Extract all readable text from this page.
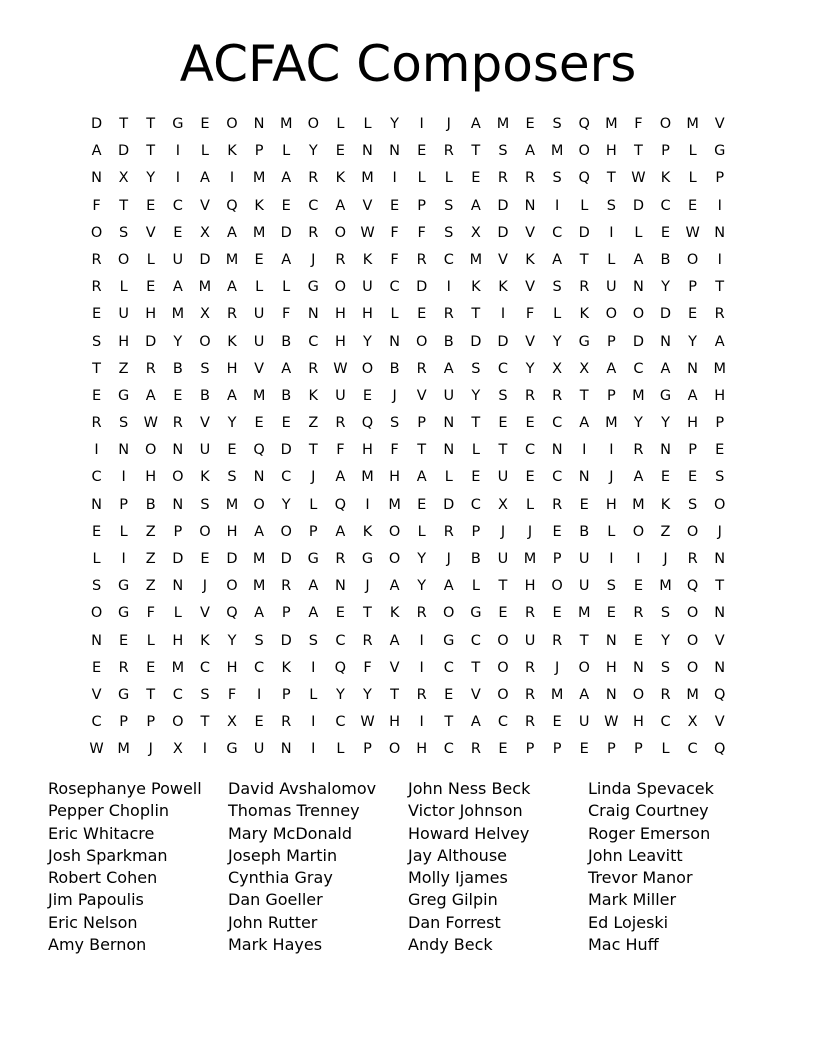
ACFAC Composers
D	T	T	G	E	O	N	M	O	L	L	Y	I	J	A	M	E	S	Q	M	F	O	M	V
A	D	T	I	L	K	P	L	Y	E	N	N	E	R	T	S	A	M	O	H	T	P	L	G
N	X	Y	I	A	I	M	A	R	K	M	I	L	L	E	R	R	S	Q	T	W	K	L	P
F	T	E	C	V	Q	K	E	C	A	V	E	P	S	A	D	N	I	L	S	D	C	E	I
O	S	V	E	X	A	M	D	R	O W	F	F	S	X	D	V	C	D	I	L	E	W N
R	O	L	U	D	M	E	A	J	R	K	F	R	C	M	V	K	A	T	L	A	B	O	I
R	L	E	A	M	A	L	L	G	O	U	C	D	I	K	K	V	S	R	U	N	Y	P	T
E	U	H	M	X	R	U	F	N	H	H	L	E	R	T	I	F	L	K	O	O	D	E	R
S	H	D	Y	O	K	U	B	C	H	Y	N	O	B	D	D	V	Y	G	P	D	N	Y	A
T	Z	R	B	S	H	V	A	R	W O	B	R	A	S	C	Y	X	X	A	C	A	N	M
E	G	A	E	B	A	M	B	K	U	E	J	V	U	Y	S	R	R	T	P	M	G	A	H
R	S	W	R	V	Y	E	E	Z	R	Q	S	P	N	T	E	E	C	A	M	Y	Y	H	P
I	N	O	N	U	E	Q	D	T	F	H	F	T	N	L	T	C	N	I	I	R	N	P	E
C	I	H	O	K	S	N	C	J	A	M	H	A	L	E	U	E	C	N	J	A	E	E	S
N	P	B	N	S	M	O	Y	L	Q	I	M	E	D	C	X	L	R	E	H	M	K	S	O
E	L	Z	P	O	H	A	O	P	A	K	O	L	R	P	J	J	E	B	L	O	Z	O	J
L	I	Z	D	E	D	M	D	G	R	G	O	Y	J	B	U	M	P	U	I	I	J	R	N
S	G	Z	N	J	O	M	R	A	N	J	A	Y	A	L	T	H	O	U	S	E	M	Q	T
O	G	F	L	V	Q	A	P	A	E	T	K	R	O	G	E	R	E	M	E	R	S	O	N
N	E	L	H	K	Y	S	D	S	C	R	A	I	G	C	O	U	R	T	N	E	Y	O	V
E	R	E	M	C	H	C	K	I	Q	F	V	I	C	T	O	R	J	O	H	N	S	O	N
V	G	T	C	S	F	I	P	L	Y	Y	T	R	E	V	O	R	M	A	N	O	R	M	Q
C	P	P	O	T	X	E	R	I	C	W H	I	T	A	C	R	E	U	W H	C	X	V
W M	J	X	I	G	U	N	I	L	P	O	H	C	R	E	P	P	E	P	P	L	C	Q
Rosephanye Powell
Pepper Choplin
Eric Whitacre
Josh Sparkman
Robert Cohen
Jim Papoulis
Eric Nelson
Amy Bernon
David Avshalomov
Thomas Trenney
Mary McDonald
Joseph Martin
Cynthia Gray
Dan Goeller
John Rutter
Mark Hayes
John Ness Beck
Victor Johnson
Howard Helvey
Jay Althouse
Molly Ijames
Greg Gilpin
Dan Forrest
Andy Beck
Linda Spevacek
Craig Courtney
Roger Emerson
John Leavitt
Trevor Manor
Mark Miller
Ed Lojeski
Mac Huff
